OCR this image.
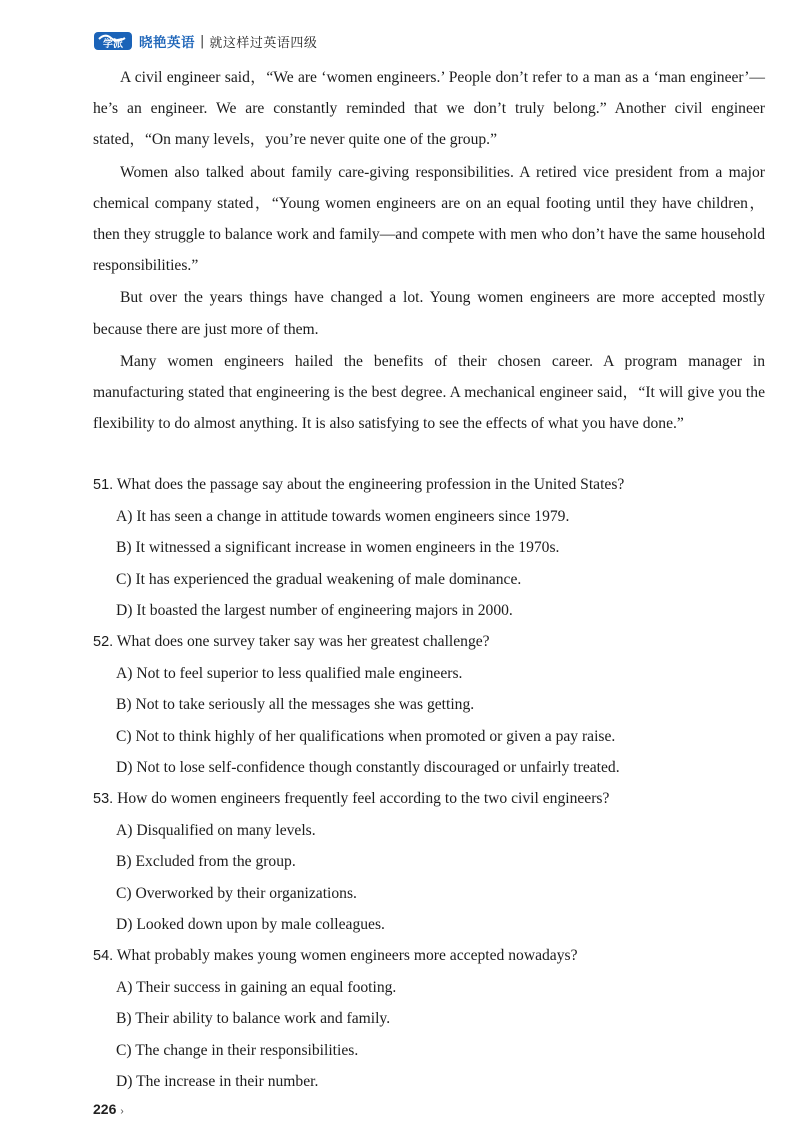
学派 晓艳英语 | 就这样过英语四级

A civil engineer said，“We are ‘women engineers.’ People don’t refer to a man as a ‘man engineer’—he’s an engineer. We are constantly reminded that we don’t truly belong.” Another civil engineer stated，“On many levels，you’re never quite one of the group.”

Women also talked about family care-giving responsibilities. A retired vice president from a major chemical company stated，“Young women engineers are on an equal footing until they have children，then they struggle to balance work and family—and compete with men who don’t have the same household responsibilities.”

But over the years things have changed a lot. Young women engineers are more accepted mostly because there are just more of them.

Many women engineers hailed the benefits of their chosen career. A program manager in manufacturing stated that engineering is the best degree. A mechanical engineer said，“It will give you the flexibility to do almost anything. It is also satisfying to see the effects of what you have done.”

51. What does the passage say about the engineering profession in the United States?

A) It has seen a change in attitude towards women engineers since 1979.

B) It witnessed a significant increase in women engineers in the 1970s.

C) It has experienced the gradual weakening of male dominance.

D) It boasted the largest number of engineering majors in 2000.

52. What does one survey taker say was her greatest challenge?

A) Not to feel superior to less qualified male engineers.

B) Not to take seriously all the messages she was getting.

C) Not to think highly of her qualifications when promoted or given a pay raise.

D) Not to lose self-confidence though constantly discouraged or unfairly treated.

53. How do women engineers frequently feel according to the two civil engineers?

A) Disqualified on many levels.

B) Excluded from the group.

C) Overworked by their organizations.

D) Looked down upon by male colleagues.

54. What probably makes young women engineers more accepted nowadays?

A) Their success in gaining an equal footing.

B) Their ability to balance work and family.

C) The change in their responsibilities.

D) The increase in their number.

226 ›
